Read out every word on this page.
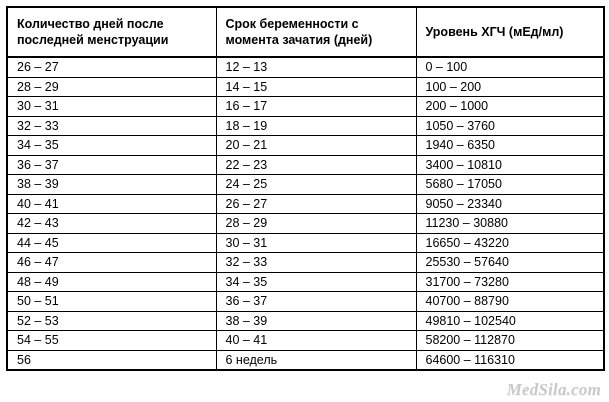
Количество дней после
последней менструации	Срок беременности с
момента зачатия (дней)	Уровень ХГЧ (мЕд/мл)

26 – 27	12 – 13	0 – 100
28 – 29	14 – 15	100 – 200
30 – 31	16 – 17	200 – 1000
32 – 33	18 – 19	1050 – 3760
34 – 35	20 – 21	1940 – 6350
36 – 37	22 – 23	3400 – 10810
38 – 39	24 – 25	5680 – 17050
40 – 41	26 – 27	9050 – 23340
42 – 43	28 – 29	11230 – 30880
44 – 45	30 – 31	16650 – 43220
46 – 47	32 – 33	25530 – 57640
48 – 49	34 – 35	31700 – 73280
50 – 51	36 – 37	40700 – 88790
52 – 53	38 – 39	49810 – 102540
54 – 55	40 – 41	58200 – 112870
56	6 недель	64600 – 116310
MedSila.com
